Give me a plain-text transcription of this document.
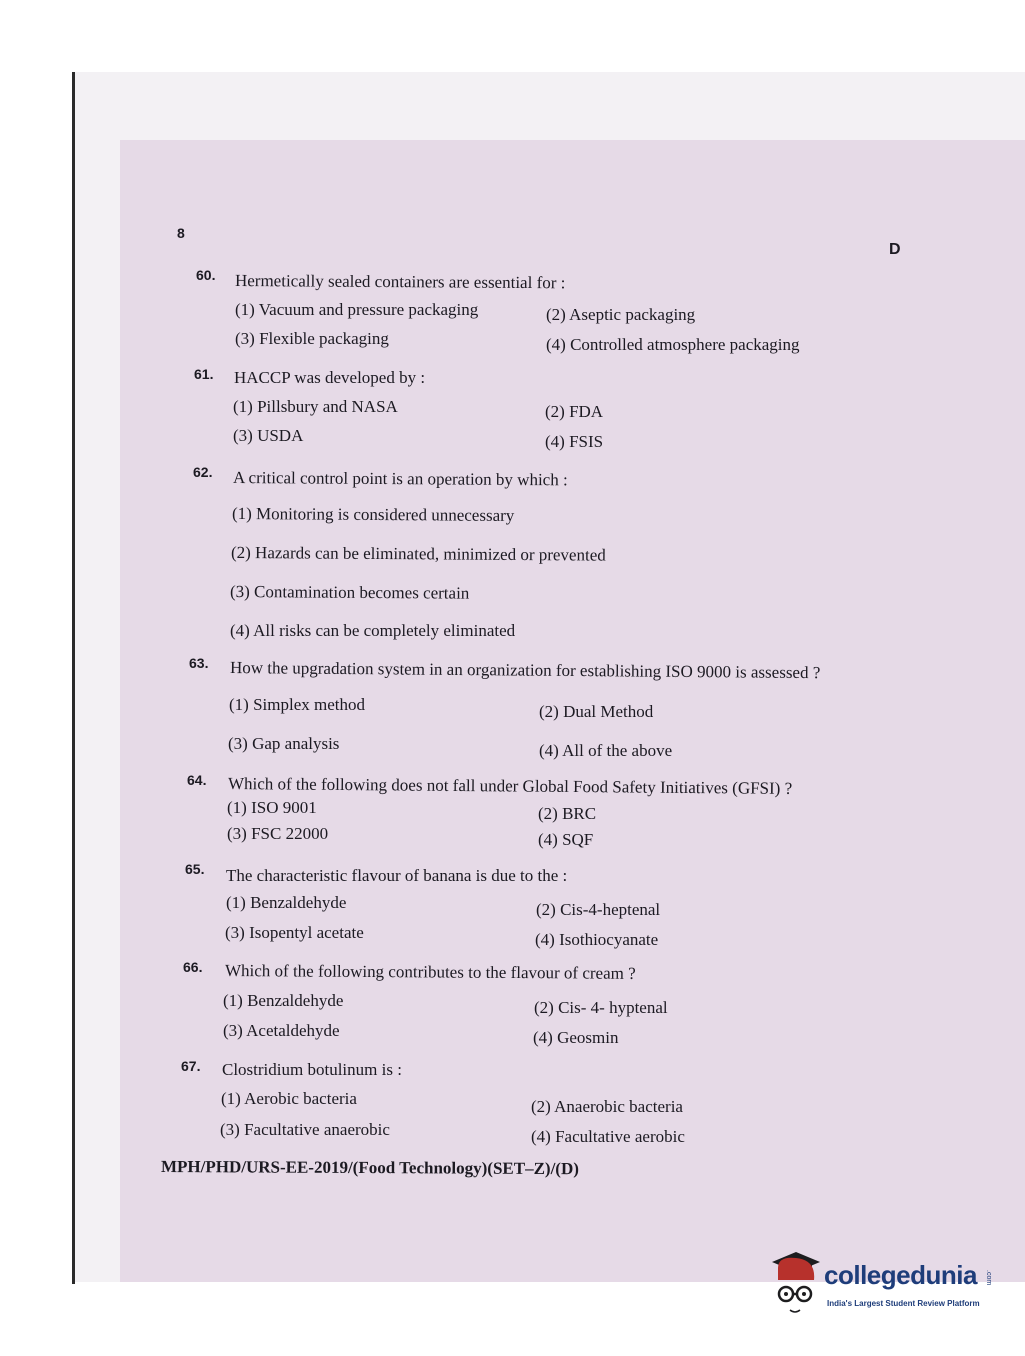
8
D
60. Hermetically sealed containers are essential for :
(1) Vacuum and pressure packaging	(2) Aseptic packaging
(3) Flexible packaging	(4) Controlled atmosphere packaging
61. HACCP was developed by :
(1) Pillsbury and NASA	(2) FDA
(3) USDA	(4) FSIS
62. A critical control point is an operation by which :
(1) Monitoring is considered unnecessary
(2) Hazards can be eliminated, minimized or prevented
(3) Contamination becomes certain
(4) All risks can be completely eliminated
63. How the upgradation system in an organization for establishing ISO 9000 is assessed ?
(1) Simplex method	(2) Dual Method
(3) Gap analysis	(4) All of the above
64. Which of the following does not fall under Global Food Safety Initiatives (GFSI) ?
(1) ISO 9001	(2) BRC
(3) FSC 22000	(4) SQF
65. The characteristic flavour of banana is due to the :
(1) Benzaldehyde	(2) Cis-4-heptenal
(3) Isopentyl acetate	(4) Isothiocyanate
66. Which of the following contributes to the flavour of cream ?
(1) Benzaldehyde	(2) Cis- 4- hyptenal
(3) Acetaldehyde	(4) Geosmin
67. Clostridium botulinum is :
(1) Aerobic bacteria	(2) Anaerobic bacteria
(3) Facultative anaerobic	(4) Facultative aerobic
MPH/PHD/URS-EE-2019/(Food Technology)(SET–Z)/(D)
collegedunia .com
India's Largest Student Review Platform
